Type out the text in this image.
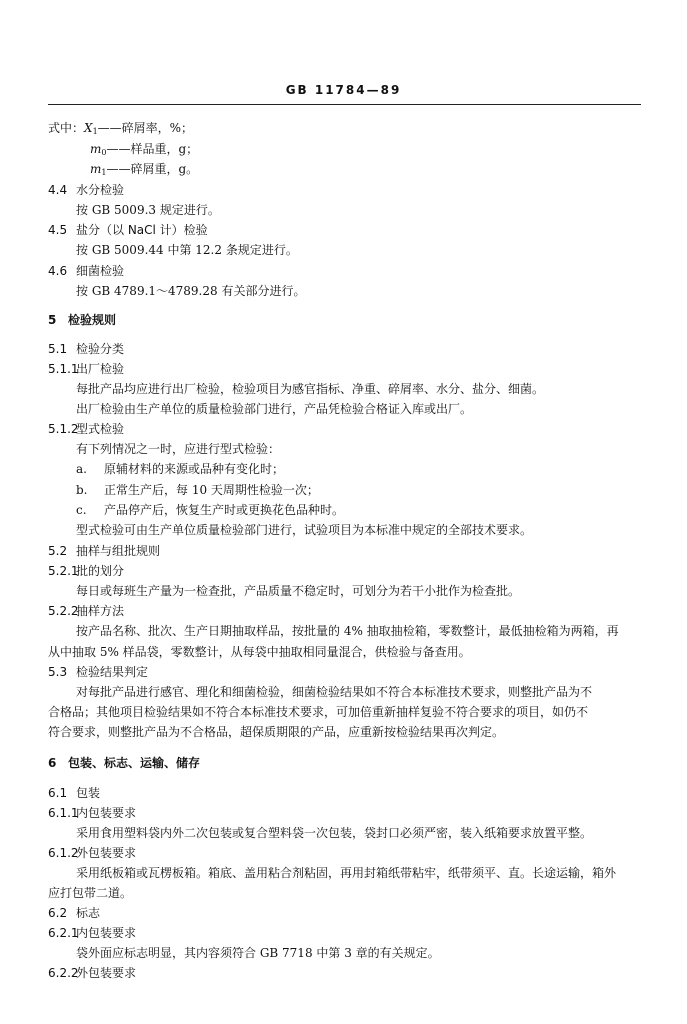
GB 11784—89
式中：$X_1——$碎屑率，%；
$m_0——$样品重，g；
$m_1——$碎屑重，g。
4.4 水分检验
按 GB 5009.3 规定进行。
4.5 盐分（以 NaCl 计）检验
按 GB 5009.44 中第 12.2 条规定进行。
4.6 细菌检验
按 GB 4789.1～4789.28 有关部分进行。
5 检验规则
5.1 检验分类
5.1.1出厂检验
每批产品均应进行出厂检验，检验项目为感官指标、净重、碎屑率、水分、盐分、细菌。
出厂检验由生产单位的质量检验部门进行，产品凭检验合格证入库或出厂。
5.1.2型式检验
有下列情况之一时，应进行型式检验：
a. 原辅材料的来源或品种有变化时；
b. 正常生产后，每 10 天周期性检验一次；
c. 产品停产后，恢复生产时或更换花色品种时。
型式检验可由生产单位质量检验部门进行，试验项目为本标准中规定的全部技术要求。
5.2 抽样与组批规则
5.2.1批的划分
每日或每班生产量为一检查批，产品质量不稳定时，可划分为若干小批作为检查批。
5.2.2抽样方法
按产品名称、批次、生产日期抽取样品，按批量的 4% 抽取抽检箱，零数整计，最低抽检箱为两箱，再
从中抽取 5% 样品袋，零数整计，从每袋中抽取相同量混合，供检验与备查用。
5.3 检验结果判定
对每批产品进行感官、理化和细菌检验，细菌检验结果如不符合本标准技术要求，则整批产品为不
合格品；其他项目检验结果如不符合本标准技术要求，可加倍重新抽样复验不符合要求的项目，如仍不
符合要求，则整批产品为不合格品，超保质期限的产品，应重新按检验结果再次判定。
6 包装、标志、运输、储存
6.1 包装
6.1.1内包装要求
采用食用塑料袋内外二次包装或复合塑料袋一次包装，袋封口必须严密，装入纸箱要求放置平整。
6.1.2外包装要求
采用纸板箱或瓦楞板箱。箱底、盖用粘合剂粘固，再用封箱纸带粘牢，纸带须平、直。长途运输，箱外
应打包带二道。
6.2 标志
6.2.1内包装要求
袋外面应标志明显，其内容须符合 GB 7718 中第 3 章的有关规定。
6.2.2外包装要求
